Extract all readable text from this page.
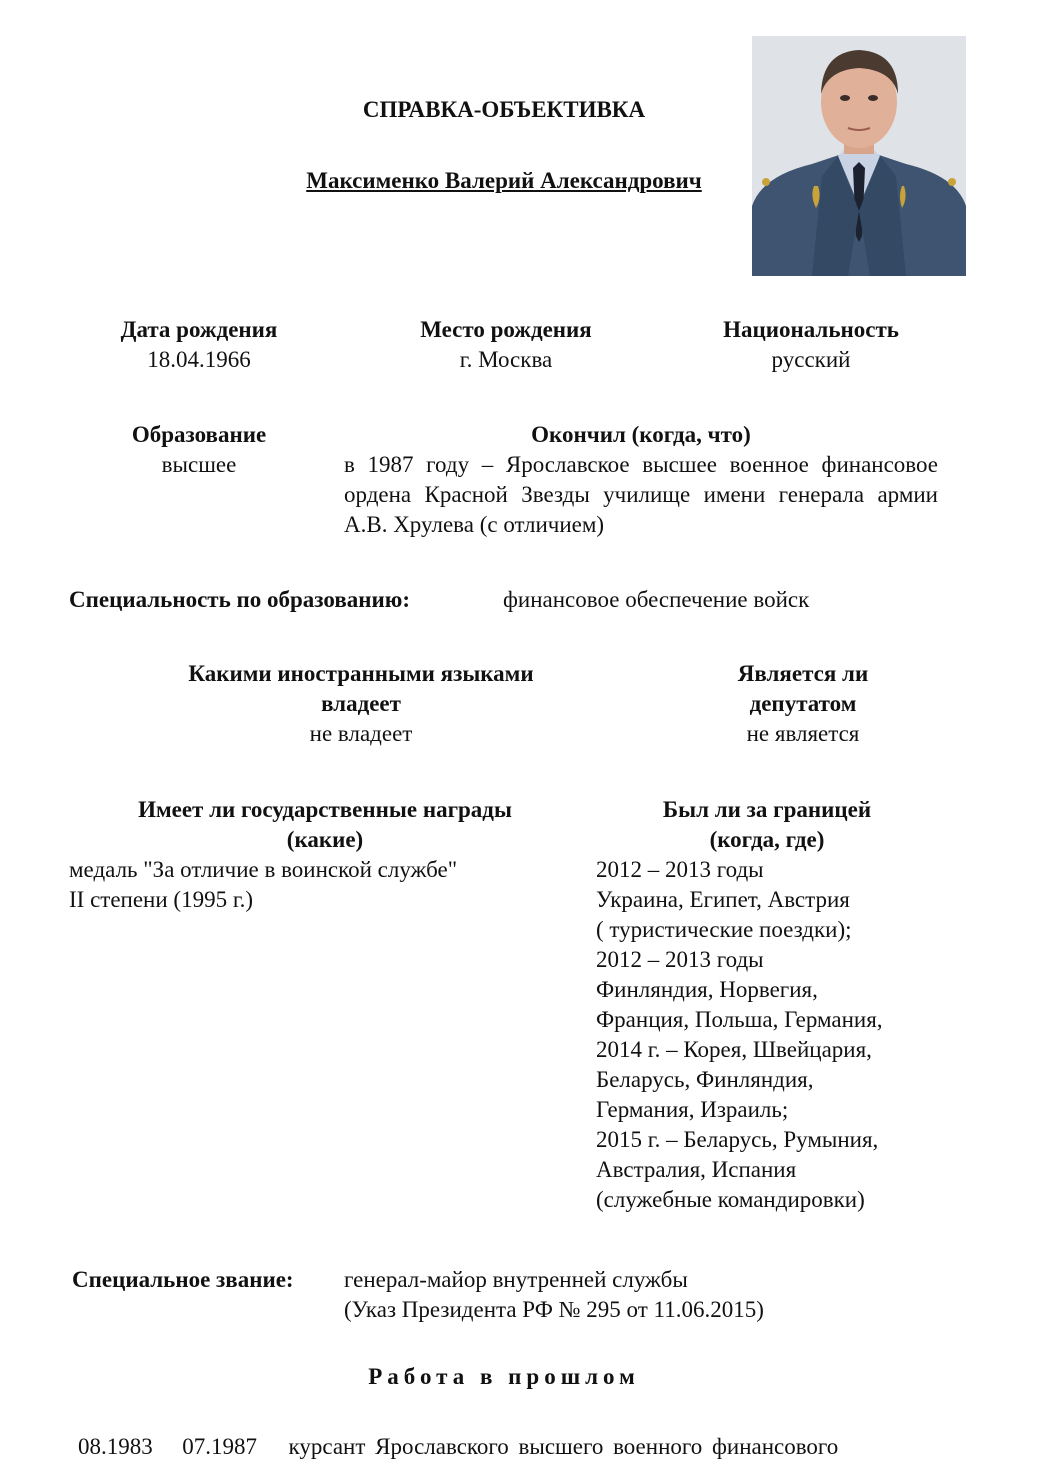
СПРАВКА-ОБЪЕКТИВКА
Максименко Валерий Александрович
Дата рождения
18.04.1966
Место рождения
г. Москва
Национальность
русский
Образование
высшее
Окончил (когда, что)
в 1987 году – Ярославское высшее военное финансовое ордена Красной Звезды училище имени генерала армии А.В. Хрулева (с отличием)
Специальность по образованию:	финансовое обеспечение войск
Какими иностранными языками
владеет
не владеет
Является ли
депутатом
не является
Имеет ли государственные награды
(какие)
медаль "За отличие в воинской службе"
II степени (1995 г.)
Был ли за границей
(когда, где)
2012 – 2013 годы
Украина, Египет, Австрия
( туристические поездки);
2012 – 2013 годы
Финляндия, Норвегия,
Франция, Польша, Германия,
2014 г. – Корея, Швейцария,
Беларусь, Финляндия,
Германия, Израиль;
2015 г. – Беларусь, Румыния,
Австралия, Испания
(служебные командировки)
Специальное звание: генерал-майор внутренней службы
(Указ Президента РФ № 295 от 11.06.2015)
Работа в прошлом
08.1983 07.1987 курсант Ярославского высшего военного финансового
